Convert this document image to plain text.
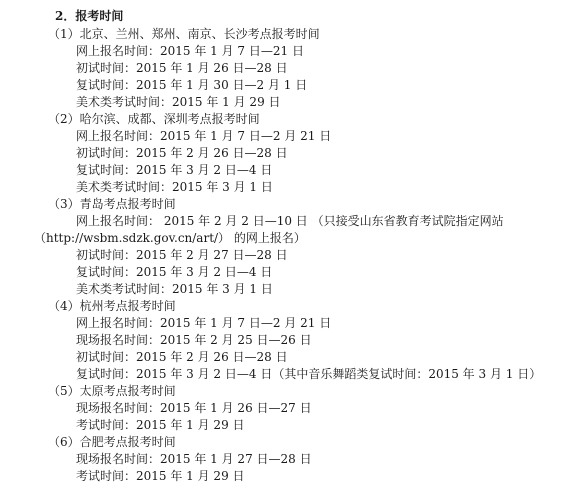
2．报考时间
（1）北京、兰州、郑州、南京、长沙考点报考时间
网上报名时间：2015 年 1 月 7 日—21 日
初试时间：2015 年 1 月 26 日—28 日
复试时间：2015 年 1 月 30 日—2 月 1 日
美术类考试时间：2015 年 1 月 29 日
（2）哈尔滨、成都、深圳考点报考时间
网上报名时间：2015 年 1 月 7 日—2 月 21 日
初试时间：2015 年 2 月 26 日—28 日
复试时间：2015 年 3 月 2 日—4 日
美术类考试时间：2015 年 3 月 1 日
（3）青岛考点报考时间
网上报名时间： 2015 年 2 月 2 日—10 日 （只接受山东省教育考试院指定网站
（http://wsbm.sdzk.gov.cn/art/） 的网上报名）
初试时间：2015 年 2 月 27 日—28 日
复试时间：2015 年 3 月 2 日—4 日
美术类考试时间：2015 年 3 月 1 日
（4）杭州考点报考时间
网上报名时间：2015 年 1 月 7 日—2 月 21 日
现场报名时间：2015 年 2 月 25 日—26 日
初试时间：2015 年 2 月 26 日—28 日
复试时间：2015 年 3 月 2 日—4 日（其中音乐舞蹈类复试时间：2015 年 3 月 1 日）
（5）太原考点报考时间
现场报名时间：2015 年 1 月 26 日—27 日
考试时间：2015 年 1 月 29 日
（6）合肥考点报考时间
现场报名时间：2015 年 1 月 27 日—28 日
考试时间：2015 年 1 月 29 日
